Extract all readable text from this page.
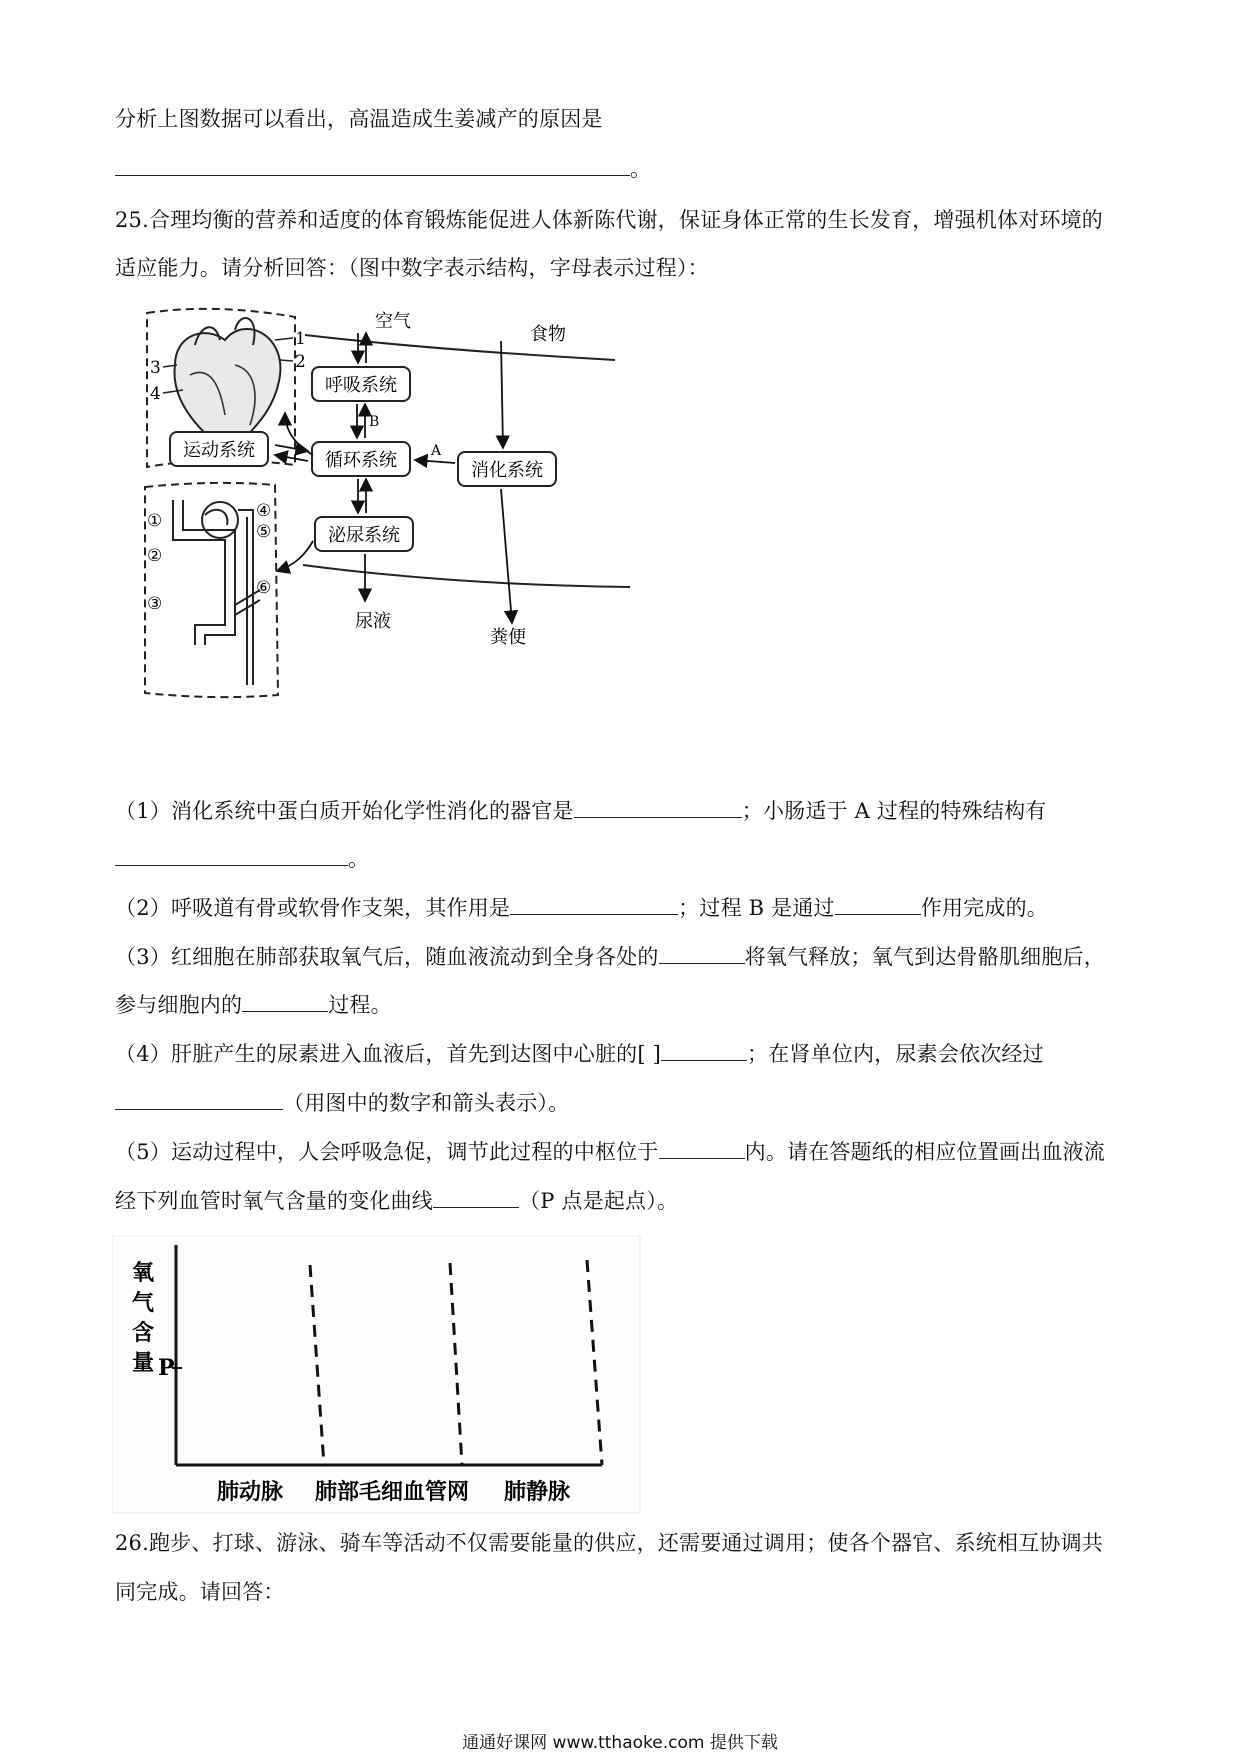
分析上图数据可以看出，高温造成生姜减产的原因是
。
25.合理均衡的营养和适度的体育锻炼能促进人体新陈代谢，保证身体正常的生长发育，增强机体对环境的
适应能力。请分析回答：（图中数字表示结构，字母表示过程）：
1
2
3
4
空气
食物
呼吸系统
循环系统
运动系统
消化系统
泌尿系统
B
A
尿液
粪便
①
②
③
④
⑤
⑥
（1）消化系统中蛋白质开始化学性消化的器官是	；小肠适于 A 过程的特殊结构有
。
（2）呼吸道有骨或软骨作支架，其作用是	；过程 B 是通过	作用完成的。
（3）红细胞在肺部获取氧气后，随血液流动到全身各处的	将氧气释放；氧气到达骨骼肌细胞后，
参与细胞内的	过程。
（4）肝脏产生的尿素进入血液后，首先到达图中心脏的[ ]	；在肾单位内，尿素会依次经过
（用图中的数字和箭头表示）。
（5）运动过程中，人会呼吸急促，调节此过程的中枢位于	内。请在答题纸的相应位置画出血液流
经下列血管时氧气含量的变化曲线	（P 点是起点）。
氧
气
含
量 P
肺动脉 肺部毛细血管网 肺静脉
26.跑步、打球、游泳、骑车等活动不仅需要能量的供应，还需要通过调用；使各个器官、系统相互协调共
同完成。请回答：
通通好课网 www.tthaoke.com 提供下载
